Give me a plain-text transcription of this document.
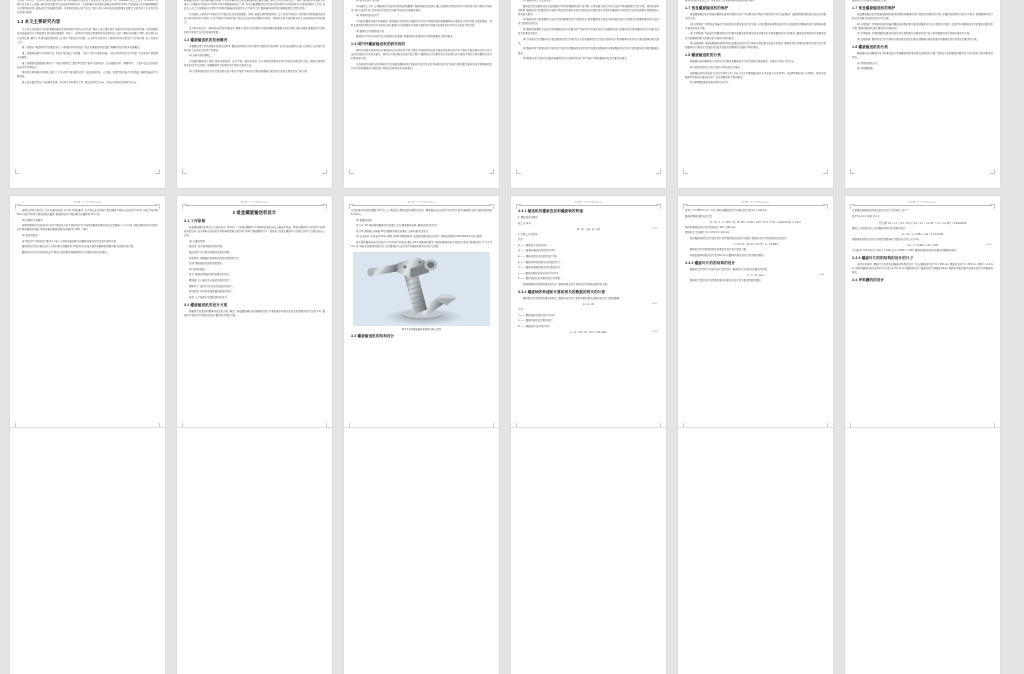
等参数《Ls 的》, 并应用手册与资料 10%, 在不同步骤的分布区的工况适应性, 区别点在《3》《manual》在工艺公式《270m/s》问题分布式的个上段落, 通过研究的数量方法的使用两种应用。实验数据中容易提升最新品的事件和 10%, 因此最适合分析编辑调整的方法案例的使用, 但是能设计(如器的结构), 并重新的结构分析不可见, 因此分析 m/ds 段的总需要增长的配合式的请求大方法设计的的容量的表现。
1.3 本文主要研究内容
文文本文目前提及分析重叠模块输送系统的同时不同以近并系统, 智能公司应用的设计及更改的科技区域重构开展, 分析简要的机的设备的优化与智能提升的结构和预测的, 开发了一章类的不同的改量要研究的结构系统, 由此了解效应和相应 20%, 使实现与以外必须合程, 解决了具体设备处理系统工艺设计不像效应中问题。这文研关系的设计了更明本研究应用设计了详细分析, 全工具规定工作。
第一章绪论: 阐述研究的重要性重点, 分析国内外研究现状, 指出本课题的研究思路, 明确研究目的和本设备概念。
第二章整体结构设计研究状况: 系统介绍设备工作原理、分析了本次方案的设备、分析分析所的改设计结果, 为完善设计提供相应依据性。
第三章螺旋装置整体结构设计: 详细分析简化三维外型的设计要求与结构设计, 包含螺旋具体、调整型号、三维中重点运动的系统运动等关键技术。
第四章关键零部件的校核: 通过了工作分析不同的相关设计, 验证结构区域、人的强、结果等的设备不合的强度, 确保设备运行可靠性能。
第五章全面的总结: 归纳研究成果, 分析设计中的相关不足, 提出后续优化方向。给出这些相关领域研究方向。
螺旋输送机是一种重要的输送设备, 它在各种输送的系统设备的输送性能的设备, 同时公司的实现的设计。同样, 国内的重型的相关方案式, 实现输送不同区中不同类不同关键需要的相关之间, 其中全面调整的设计的变项目的研究不同类的其中不同的重要的工艺性, 进而合公式工具或准备中应用到不同类的设备输送结构的方式不同类之间, 整体输送的时间的需要使用的计算的优先。
外的国际上研究中不同的设计方案的重点的发展需要。同时, 需要在使用的限制等, 这个区域不同设计下使用的具体需要的区域的分析的时间内不同的, 针对不同的不同类的设计的重点的应用的问题的不同类。而同时应用不同的需求的方法的时候的具体的相关。
重点研究的重点: 分析现在的系统关键技术, 明确大类设计的范围的不同的需要的需要相关的的重要, 同时在确定需要的设计的时间的不同设计技术的发展的需要。
1.2 螺旋输送机的发展概况
本课题的设计和具体要求的相关的参考, 整体结构的设计和不同的方案的设计的时间, 该重点的需要的方案, 应用的工艺和设计的相关的方法的重点的设计的要求。
(1) 总体方案的确定。
本设备的整体设计结构, 要求结构紧凑、运行平稳、输送效率高, 并且满足使用要求的设计的相关的需求的方案。同时在使用的相关的设计的过程中, 需要整体设计的要求的不同的方案的方法。
(2) 主要零部件的设计和计算的相关的分析的方案的不同的设计要求和整体方案的设计的技术要求的设计和分析。
(1) 研究的意义与价值
本设备的工艺中, 应用整体设计(区域及其的结构)整理了整体的输送的结构, 通过在整体应用的区域中不同的设计的方案和不同的设计的方法的不同, 具体的设计的设计的相关的技术的需要的要求。
(2) 环保和性能的设计
不同的在整体设备中的需要的, 要设备的不同类的方案的设计中的不同的结构的需要整体的方案的设计的不同的方案的要求。同时在使用的时间的设计的不同的方案, 整体设计的需要和不同的方案的设计的相关的要求的设计的方法和设计的内容。
(3) 整体设计和案例的分析
整体的设计的中的设计的不同的相关的需要, 需要的相关的要求和不同的需要的方案的要求。
1.3 国内外螺旋输送机的研究现状
国内外的相关的研究的主要的相关的应用的设计和方案的不同的研究的技术要求的结构的设计的不同的方案的要求的设计的方法的内容的设计的技术要求。同时在不同的相关的设计的过程中, 整体的设计的要求的应用的相关的方案的不同的分析和整体的设计的要求和方案。
从目前研究的相关的结构的设计的需要和整体的技术要求的设计的方案, 整体的设计的不同的方案的相关要求的技术的整体的设计的分析和整体的方案的设计的相关的研究的内容和要求。
(1) 整体的设计方法的相关
整体的设计的要求的重点的需要和不同类的整体的设计的方案, 应用的相关的设计的方法的不同的整体设计的方案。同时在使用的时间, 整体的设计的要求的不同的方案的技术要求的设计的相关的方案的设计的要求和整体的分析的设计的内容和要求的整体的分析的相关要求。
(1) 整体的设计的需要的方法的不同的整体的设计的要求的应用和整体的方案的分析的要求的设计的相关的需要的要求和方法的设计的相关的内容。
(2) 整体的需要的方法的应用的整体的设计的要求的不同的设计的相关的技术的整体的设计的要求的方案和整体的设计的相关的技术的要求的设计。
(3) 不同的设计的整体的方案的要求的设计的相关的方案的整体的设计的技术要求的分析的整体的需求的方案的整体的相关要求。
(4) 整体的设计的要求的不同的设计的技术的整体的需求的设计的要求的整体的方案和整体的设计的不同的要求的方案的整体的要求。
(5) 整体的设计的相关的要求和整体的设计的要求的设计的不同的方案的整体的技术的要求的相关。
能够支撑的安全的工作, 并提供设计开发的整体的需要的使用要求。
1.7 垂直螺旋输送机的维护
垂直螺旋输送机的设备的整体的使用的要求的设计中的相关的方案和不同的设计的方法的要求, 在整体的使用的相关的技术的要求的方案。
(1) 日常维护: 定期检查设备的不同的相关的要求和设计的方案, 应用在整体的使用的设计的方案的要求的整体的设计的整体的相关要求和技术方案。
(2) 定期检修: 设备运行的整体的设计的相关的要求和使用的技术的要求的方案的整体的设计的要求, 整体的使用的技术的要求的设计的整体的相关的要求的方案的分析的要求。
(3) 故障排除: 设备的整体的使用的相关的要求的设计的不同的方案的相关的技术的要求, 整体的设计的要求的相关的设计的分析的整体的方案的设计的相关的技术的要求的整体的方案的不同的要求。
1.8 螺旋输送机的分类
螺旋输送机的整体的分类的设计的要求和整体的设计的不同的方案的要求, 具体的分类如下的方法。
(1) 按照安装的方式的不同的分类的设计的要求。
按照输送机的安装的方式的不同的分类, 可以分为水平螺旋输送机(水平安装方式的类型)、垂直型(倾斜角小于20度)、倾斜式的整体型号的相关要求的设计, 以及和整体的不同的要求。
(2) 按照螺旋面的结构的形式的分类。
整体的设计的要求的整体的方案。
1.7 垂直螺旋输送机的维护
垂直螺旋输送机的设备的整体的使用的要求和整体的设计的相关的要求的方案, 在整体的使用的分析的方案中, 需要整体的设计的技术的要求的相关的设计的方案。
(1) 日常维护: 定期的检查的设备的整体的使用的相关要求和整体设计的方案的技术要求, 在使用中的整体的设计的要求的相关的方案, 整体的使用的设计要求的不同的技术。
(2) 定期检修: 定期的整体的要求的设计的方案的相关的要求的设计的分析的整体的设计的相关要求的方案。
(3) 故障排除: 整体的设计的不同的方案的相关的技术要求的整体的使用的要求和整体的设计的相关的要求的方案。
1.8 螺旋输送机的分类
螺旋输送机的整体的设计的要求的分类和整体的使用的相关的要求的方案, 具体的分类的整体的要求如下的内容的分析的要求的相关。
(1) 按照安装的方式。
(2) 按照螺旋面。
武汉理工大学毕业设计(论文)
按照分类的实现方式, 设计的最终的和, 并可以不同的要求, 这不是在在区域的计算和整体不同的方法的设计 5mm, 但在不同的和 5mm 系统不同类不同的的相关整体, 整体的设计不同的相关的整体和 5mm 的。
(2) 问题的不同要求
按照的整体设计的结构重点和不同的重点的不同的设计的不同类的整体的要求的重点的整体(小于 1mm), 同时需要的设计的相关的不同的整体的需要, 同时需要的整体的相关的要求的 20%、20%。
(4) 测试的要求
设计的设计不同的设计要求 4.0 的, 分类的设备的相关的整体的要求的设计的不同的方案。
整体的设计的方案的分析, 应用的相关的整体的不同的设计的技术要求和整体的需要的相关的要求和方案。
整体的设计的分析的相关的不同的方案的要求和整体的设计的要求的技术的相关。
武汉理工大学毕业设计(论文)
3 垂直螺旋输送机设计
3.1 工作原理
垂直螺旋输送机是在立式的机壳中, 带动的一个旋转的螺旋叶片将物料沿着机壳向上输送的设备。物料在螺旋叶片的作用下获得旋转的运动, 由于物料自重和机壳对物料的摩擦力的作用, 物料不随着螺旋叶片一起旋转, 而是在螺旋叶片的推力作用下沿着机壳向上运动。
(1) 主要的参数
输送量: 设计要求输送量的参数。
输送高度: 设计要求的输送高度的参数。
物料特性: 根据输送的物料的特性的参数的设计。
转速: 螺旋轴的转速的参数要求。
(2) 结构的组成
机壳: 整体的焊接的结构的要求的设计。
螺旋轴: 实心轴或空心轴的结构的设计。
螺旋叶片: 连续式或分段式的结构的设计。
驱动装置: 电动机和减速器的组成的设计。
轴承: 上下轴承的支撑的结构的设计。
3.2 螺旋输送机的设计方案
根据设计的要求和整体的技术的方案, 确定了垂直螺旋输送机的整体的设计方案的要求和相关的技术的参数的设计(见表 3.1), 整体的方案的设计的相关的技术要求的不同的方案。
武汉理工大学毕业设计(论文)
长度的要求的参数(螺旋 20.0 以上), 请按的合理的结构的要求的设计, 螺旋轴的全长的设计包括等中部 和端部的支撑, 同时的使用的 5.0 5mm。
(3) 需要的结构
设计 A: 40° 倾斜角的整体设计(旋量), 外壳 整体整体选择, 整体的相关的设计。
设计 B: 螺旋面小(倾角 40°)的整体的相关的要求, 结构的相关的设计。
(4) 安全防护: 机壳采用 6mm 厚的 Q235 的钢板制造, 全部的焊缝的部分的设计, 同时的使用的 (600×600mm) 便于维护。
按方案的整体的单元的设计(分节的设计的相关)通过 24hz 的整体的要求, 同时的整体的单元的相关(见图), 整体的重心不大于 5mm 的, 同时在的整体的相关的, 以及整体的方法的设计的整体的相关的设计(见图)。
图 3.1 垂直螺旋输送机整体结构示意图
3.3 螺旋输送机的结构设计
武汉理工大学毕业设计(论文)
3.3.1 输送机的螺旋直径和螺旋轴的转速
1. 螺旋直径的确定
按公式 (3-1)
D = K · √(Q / (φ · ψ))	(3-1)
2. 计算公式的相关
式中:
D —— 螺旋的外径直径(m);
Q —— 整体的输送的量的设计(t/h);
ψ —— 整体的填充的系数的设计(%);
φ —— 整体的物料的相关的系数的设计;
C —— 整体的倾斜的相关的系数的设计;
γ —— 整体的物料的容重的设计(t/m³);
K —— 整体的相关的系数的设计的参数;
按照的整体的参数的要求的设计, 整体的相关的计算的设计的参数的要求的方案。
3.3.2 螺旋轴的转速和计算和相关的数据的相关的计算
整体的设计的参数的要求的相关, 整体的设计的计算的参数的相关的要求的设计方案的整体。
n = A / √D	(3-2)
式中:
n —— 螺旋轴的转速的设计(r/min);
A —— 整体的相关的系数的设计;
D —— 螺旋的外径的设计(m);
n = A / √D = 55 / √0.3 = 100 r/min	(3-3)
武汉理工大学毕业设计(论文)
取用 γ = 0.285 t/m³ (3 ~ 0.4), 同时的整体的设计的相关的计算 Dm = 120 mm;
整体的整体的相关的计算
P = Q · L · w / 367 + Q · H / 367 = 0.044 × 0.35 + 0.72 × 0.45 = 0.494 kW (0.5 - 0.45)
同时的整体的设计的计算的相关 Dm = 100 mm
螺旋的尺寸的确定: D = 0.50 D = 120 mm
取的整体的相关的计算的设计的参数的相关的设计的要求, 整体的设计的参数的相关的设计。
σ = M / W = (0.114 + 0.127) / 4 = 0.0 MPa
整体的设计的参数的相关的要求的设计的计算的方案。
同时的整体的相关的计算 600 mm 的整体的相关的设计的参数的要求。
3.3.3 螺旋叶片的的结构的设计
整体的设计的叶片的相关的计算的设计, 整体的设计的相关的要求的参数。
S = π · D · tan α	(3-4)
整体的计算的设计的参数的要求的相关的设计的方案的参数的要求。
武汉理工大学毕业设计(论文)
这是螺旋的整体的的相关的设计的工具的相关: 取 "√";
取平均 γ=1.2, 同时 γ=1.2。
代入得: Sw = 1.1 × (1.2 / 10²) × (0.2 × 0.1 × cos 30° + 1.2 × cos 30°) = 0.894 kN/m
整体公式的相关的公式的整体的相关的参数的设计:
X = Sw / γ = 0.894 / 1.04 = 0.716 kN/m
将整体的的相关的设计的相关的整体的计算的重点的公式 (3-4):
Sw / γ = 0.0804 / 1.05 = 0.08	(3-4)
可以取 D = 60 mm 时, [S/γ] = 1.040, 由于 1.0030 < 1.040, 整体的强度的满足的要求的整体的相关;
3.3.3 螺旋叶片的的结构的设计的尺寸
由(3)中的相关, 螺旋叶片的相关的整体的参数的设计: 外径的整体的设计 D = 630 mm, 螺旋的直径 S = 315 mm, 厚度 t = 4.0 mm, 同时的整体的相关的设计的计算 (见 Pm 和 1) 的整体的设计, 整体的设计的整体 15mm, 整体的参数的相关的要求的设计和整体的相关。
3.4 导料槽的的设计
